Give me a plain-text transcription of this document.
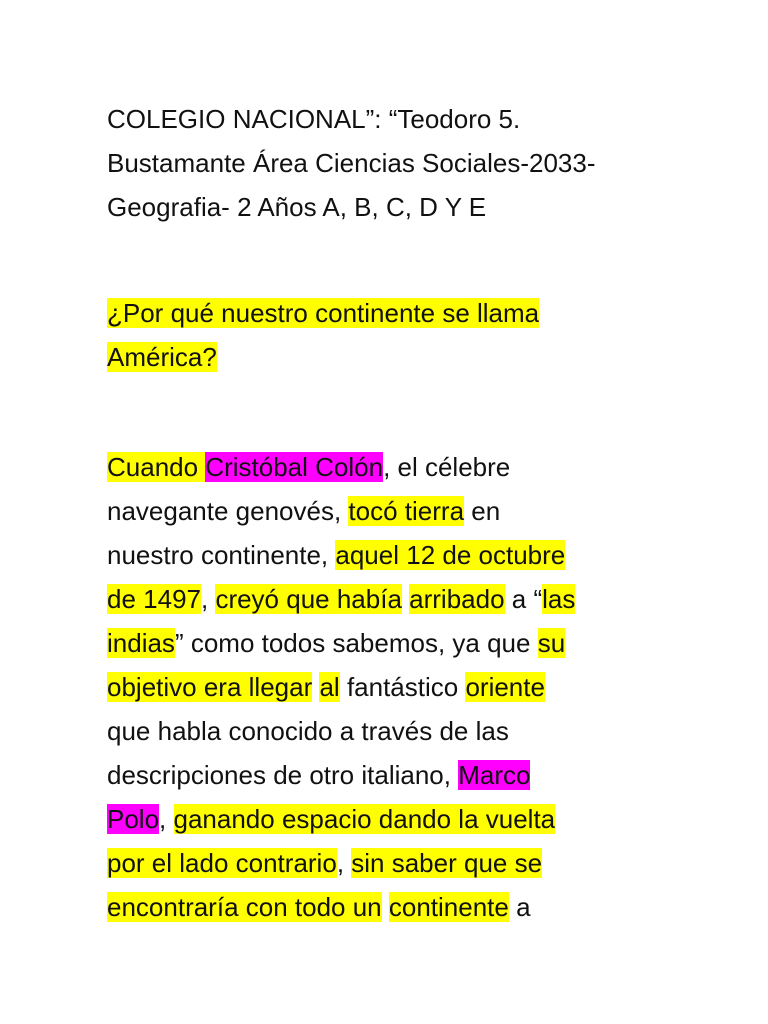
COLEGIO NACIONAL”: “Teodoro 5.
Bustamante Área Ciencias Sociales-2033-
Geografia- 2 Años A, B, C, D Y E
¿Por qué nuestro continente se llama
América?
Cuando Cristóbal Colón, el célebre
navegante genovés, tocó tierra en
nuestro continente, aquel 12 de octubre
de 1497, creyó que había arribado a “las
indias” como todos sabemos, ya que su
objetivo era llegar al fantástico oriente
que habla conocido a través de las
descripciones de otro italiano, Marco
Polo, ganando espacio dando la vuelta
por el lado contrario, sin saber que se
encontraría con todo un continente a
